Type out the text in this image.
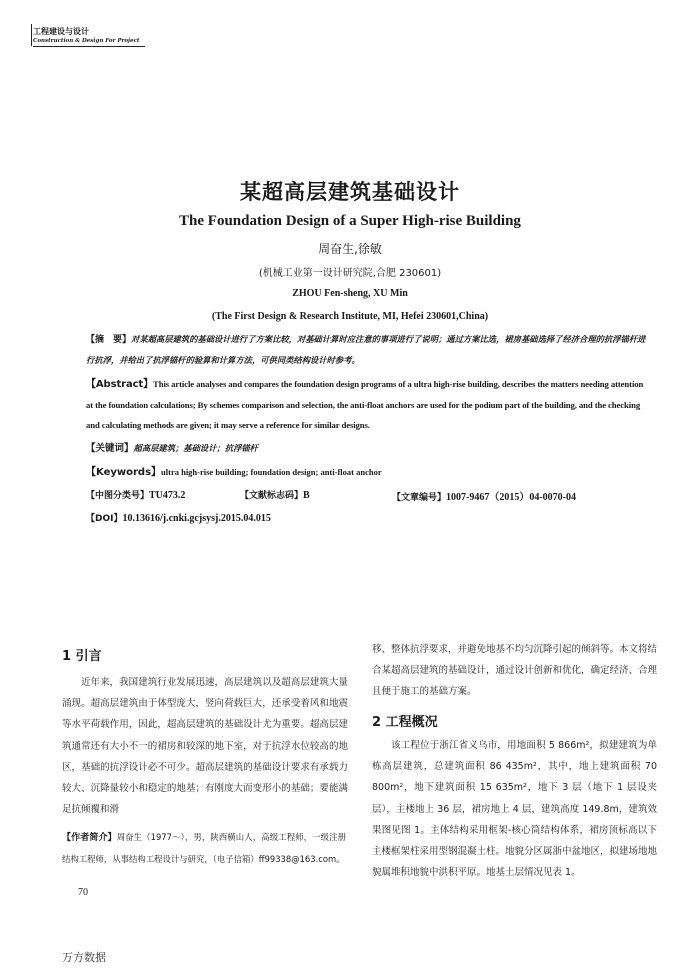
工程建设与设计
Construction & Design For Project
某超高层建筑基础设计
The Foundation Design of a Super High-rise Building
周奋生,徐敏
(机械工业第一设计研究院,合肥 230601)
ZHOU Fen-sheng, XU Min
(The First Design & Research Institute, MI, Hefei 230601,China)
【摘　要】对某超高层建筑的基础设计进行了方案比较，对基础计算时应注意的事项进行了说明；通过方案比选，裙房基础选择了经济合理的抗浮锚杆进行抗浮，并给出了抗浮锚杆的验算和计算方法，可供同类结构设计时参考。
【Abstract】This article analyses and compares the foundation design programs of a ultra high-rise building, describes the matters needing attention at the foundation calculations; By schemes comparison and selection, the anti-float anchors are used for the podium part of the building, and the checking and calculating methods are given; it may serve a reference for similar designs.
【关键词】超高层建筑；基础设计；抗浮锚杆
【Keywords】ultra high-rise building; foundation design; anti-float anchor
【中图分类号】TU473.2	【文献标志码】B	【文章编号】1007-9467（2015）04-0070-04
【DOI】10.13616/j.cnki.gcjsysj.2015.04.015
1 引言

近年来，我国建筑行业发展迅速，高层建筑以及超高层建筑大量涌现。超高层建筑由于体型庞大，竖向荷载巨大，还承受着风和地震等水平荷载作用，因此，超高层建筑的基础设计尤为重要。超高层建筑通常还有大小不一的裙房和较深的地下室，对于抗浮水位较高的地区，基础的抗浮设计必不可少。超高层建筑的基础设计要求有承载力较大、沉降量较小和稳定的地基；有刚度大而变形小的基础；要能满足抗倾覆和滑

【作者简介】周奋生（1977～），男，陕西横山人，高级工程师，一级注册结构工程师，从事结构工程设计与研究，（电子信箱）ff99338@163.com。
70

移、整体抗浮要求，并避免地基不均匀沉降引起的倾斜等。本文将结合某超高层建筑的基础设计，通过设计创新和优化，确定经济、合理且便于施工的基础方案。

2 工程概况

该工程位于浙江省义乌市，用地面积 5 866m²，拟建建筑为单栋高层建筑，总建筑面积 86 435m²，其中，地上建筑面积 70 800m²，地下建筑面积 15 635m²，地下 3 层（地下 1 层设夹层），主楼地上 36 层，裙房地上 4 层，建筑高度 149.8m，建筑效果图见图 1。主体结构采用框架-核心筒结构体系，裙房顶标高以下主楼框架柱采用型钢混凝土柱。地貌分区属浙中盆地区，拟建场地地貌属堆积地貌中洪积平原。地基土层情况见表 1。

万方数据
